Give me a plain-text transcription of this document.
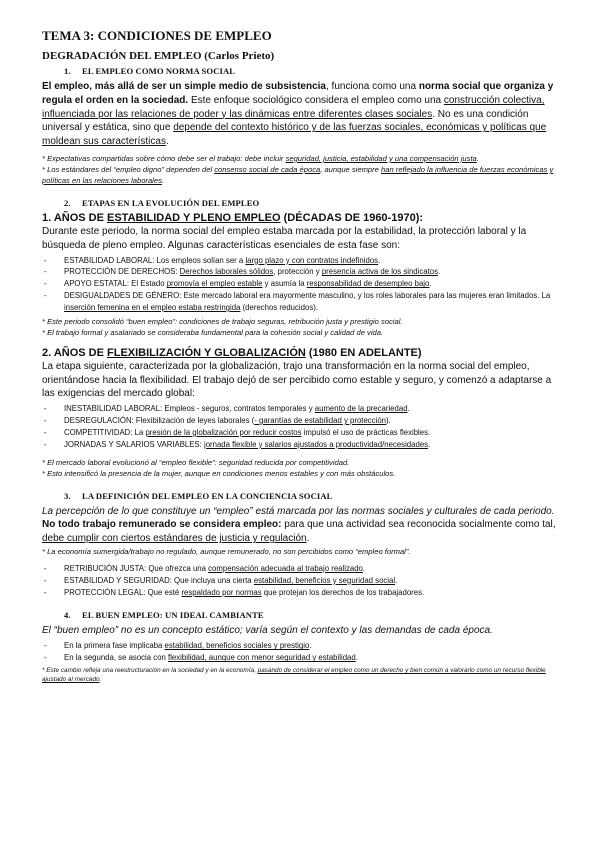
TEMA 3: CONDICIONES DE EMPLEO
DEGRADACIÓN DEL EMPLEO (Carlos Prieto)
1. EL EMPLEO COMO NORMA SOCIAL

El empleo, más allá de ser un simple medio de subsistencia, funciona como una norma social que organiza y regula el orden en la sociedad. Este enfoque sociológico considera el empleo como una construcción colectiva, influenciada por las relaciones de poder y las dinámicas entre diferentes clases sociales. No es una condición universal y estática, sino que depende del contexto histórico y de las fuerzas sociales, económicas y políticas que moldean sus características.

* Expectativas compartidas sobre cómo debe ser el trabajo: debe incluir seguridad, justicia, estabilidad y una compensación justa.

* Los estándares del “empleo digno” dependen del consenso social de cada época, aunque siempre han reflejado la influencia de fuerzas económicas y políticas en las relaciones laborales.

2. ETAPAS EN LA EVOLUCIÓN DEL EMPLEO
1. AÑOS DE ESTABILIDAD Y PLENO EMPLEO (DÉCADAS DE 1960-1970):

Durante este periodo, la norma social del empleo estaba marcada por la estabilidad, la protección laboral y la búsqueda de pleno empleo. Algunas características esenciales de esta fase son:

- ESTABILIDAD LABORAL: Los empleos solían ser a largo plazo y con contratos indefinidos.
- PROTECCIÓN DE DERECHOS: Derechos laborales sólidos, protección y presencia activa de los sindicatos.
- APOYO ESTATAL: El Estado promovía el empleo estable y asumía la responsabilidad de desempleo bajo.
- DESIGUALDADES DE GÉNERO: Este mercado laboral era mayormente masculino, y los roles laborales para las mujeres eran limitados. La inserción femenina en el empleo estaba restringida (derechos reducidos).

* Este periodo consolidó “buen empleo”: condiciones de trabajo seguras, retribución justa y prestigio social.

* El trabajo formal y asalariado se consideraba fundamental para la cohesión social y calidad de vida.

2. AÑOS DE FLEXIBILIZACIÓN Y GLOBALIZACIÓN (1980 EN ADELANTE)

La etapa siguiente, caracterizada por la globalización, trajo una transformación en la norma social del empleo, orientándose hacia la flexibilidad. El trabajo dejó de ser percibido como estable y seguro, y comenzó a adaptarse a las exigencias del mercado global:

- INESTABILIDAD LABORAL: Empleos - seguros, contratos temporales y aumento de la precariedad.
- DESREGULACIÓN: Flexibilización de leyes laborales (- garantías de estabilidad y protección).
- COMPETITIVIDAD: La presión de la globalización por reducir costos impulsó el uso de prácticas flexibles.
- JORNADAS Y SALARIOS VARIABLES: jornada flexible y salarios ajustados a productividad/necesidades.

* El mercado laboral evolucionó al “empleo flexible”: seguridad reducida por competitividad.

* Esto intensificó la presencia de la mujer, aunque en condiciones menos estables y con más obstáculos.

3. LA DEFINICIÓN DEL EMPLEO EN LA CONCIENCIA SOCIAL

La percepción de lo que constituye un “empleo” está marcada por las normas sociales y culturales de cada periodo. No todo trabajo remunerado se considera empleo: para que una actividad sea reconocida socialmente como tal, debe cumplir con ciertos estándares de justicia y regulación.

* La economía sumergida/trabajo no regulado, aunque remunerado, no son percibidos como “empleo formal”.

- RETRIBUCIÓN JUSTA: Que ofrezca una compensación adecuada al trabajo realizado.
- ESTABILIDAD Y SEGURIDAD: Que incluya una cierta estabilidad, beneficios y seguridad social.
- PROTECCIÓN LEGAL: Que esté respaldado por normas que protejan los derechos de los trabajadores.
4. EL BUEN EMPLEO: UN IDEAL CAMBIANTE

El “buen empleo” no es un concepto estático; varía según el contexto y las demandas de cada época.

- En la primera fase implicaba estabilidad, beneficios sociales y prestigio.
- En la segunda, se asocia con flexibilidad, aunque con menor seguridad y estabilidad.

* Este cambio refleja una reestructuración en la sociedad y en la economía, pasando de considerar el empleo como un derecho y bien común a valorarlo como un recurso flexible ajustado al mercado.
